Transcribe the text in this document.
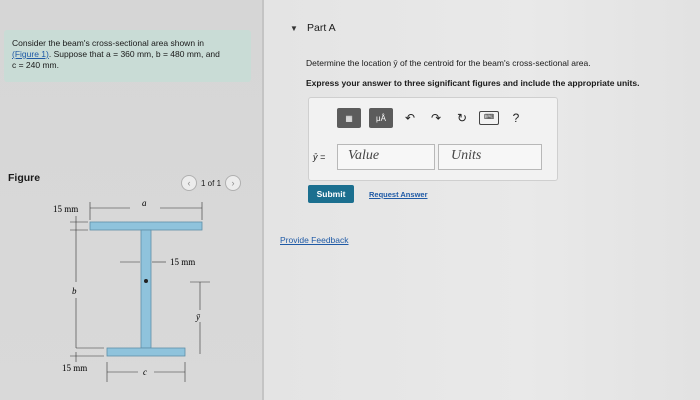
Consider the beam's cross-sectional area shown in
(Figure 1). Suppose that a = 360 mm, b = 480 mm, and
c = 240 mm.
Figure	‹	1 of 1	›
a
15 mm
b
15 mm
ȳ
15 mm	c
▼ Part A
Determine the location ȳ of the centroid for the beam's cross-sectional area.
Express your answer to three significant figures and include the appropriate units.
▦	μÅ	↶	↷	↻	⌨	?
ȳ =	Value	Units
Submit	Request Answer
Provide Feedback
